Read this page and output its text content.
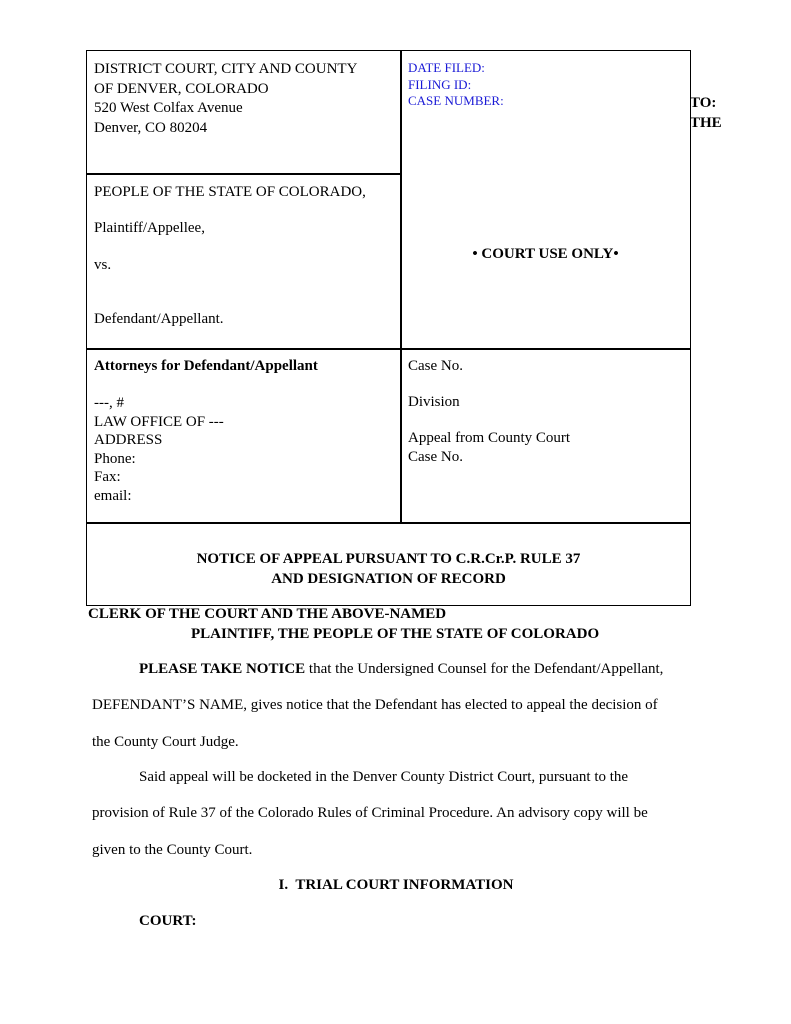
DISTRICT COURT, CITY AND COUNTY
OF DENVER, COLORADO
520 West Colfax Avenue
Denver, CO 80204
DATE FILED:
FILING ID:
CASE NUMBER:
• COURT USE ONLY•
PEOPLE OF THE STATE OF COLORADO,
Plaintiff/Appellee,
vs.
Defendant/Appellant.
Attorneys for Defendant/Appellant
---, #
LAW OFFICE OF ---
ADDRESS
Phone:
Fax:
email:
Case No.
Division
Appeal from County Court
Case No.
NOTICE OF APPEAL PURSUANT TO C.R.Cr.P. RULE 37
AND DESIGNATION OF RECORD
TO:
THE
CLERK OF THE COURT AND THE ABOVE-NAMED
PLAINTIFF, THE PEOPLE OF THE STATE OF COLORADO
PLEASE TAKE NOTICE that the Undersigned Counsel for the Defendant/Appellant,
DEFENDANT’S NAME, gives notice that the Defendant has elected to appeal the decision of
the County Court Judge.
Said appeal will be docketed in the Denver County District Court, pursuant to the
provision of Rule 37 of the Colorado Rules of Criminal Procedure. An advisory copy will be
given to the County Court.
I.  TRIAL COURT INFORMATION
COURT:
